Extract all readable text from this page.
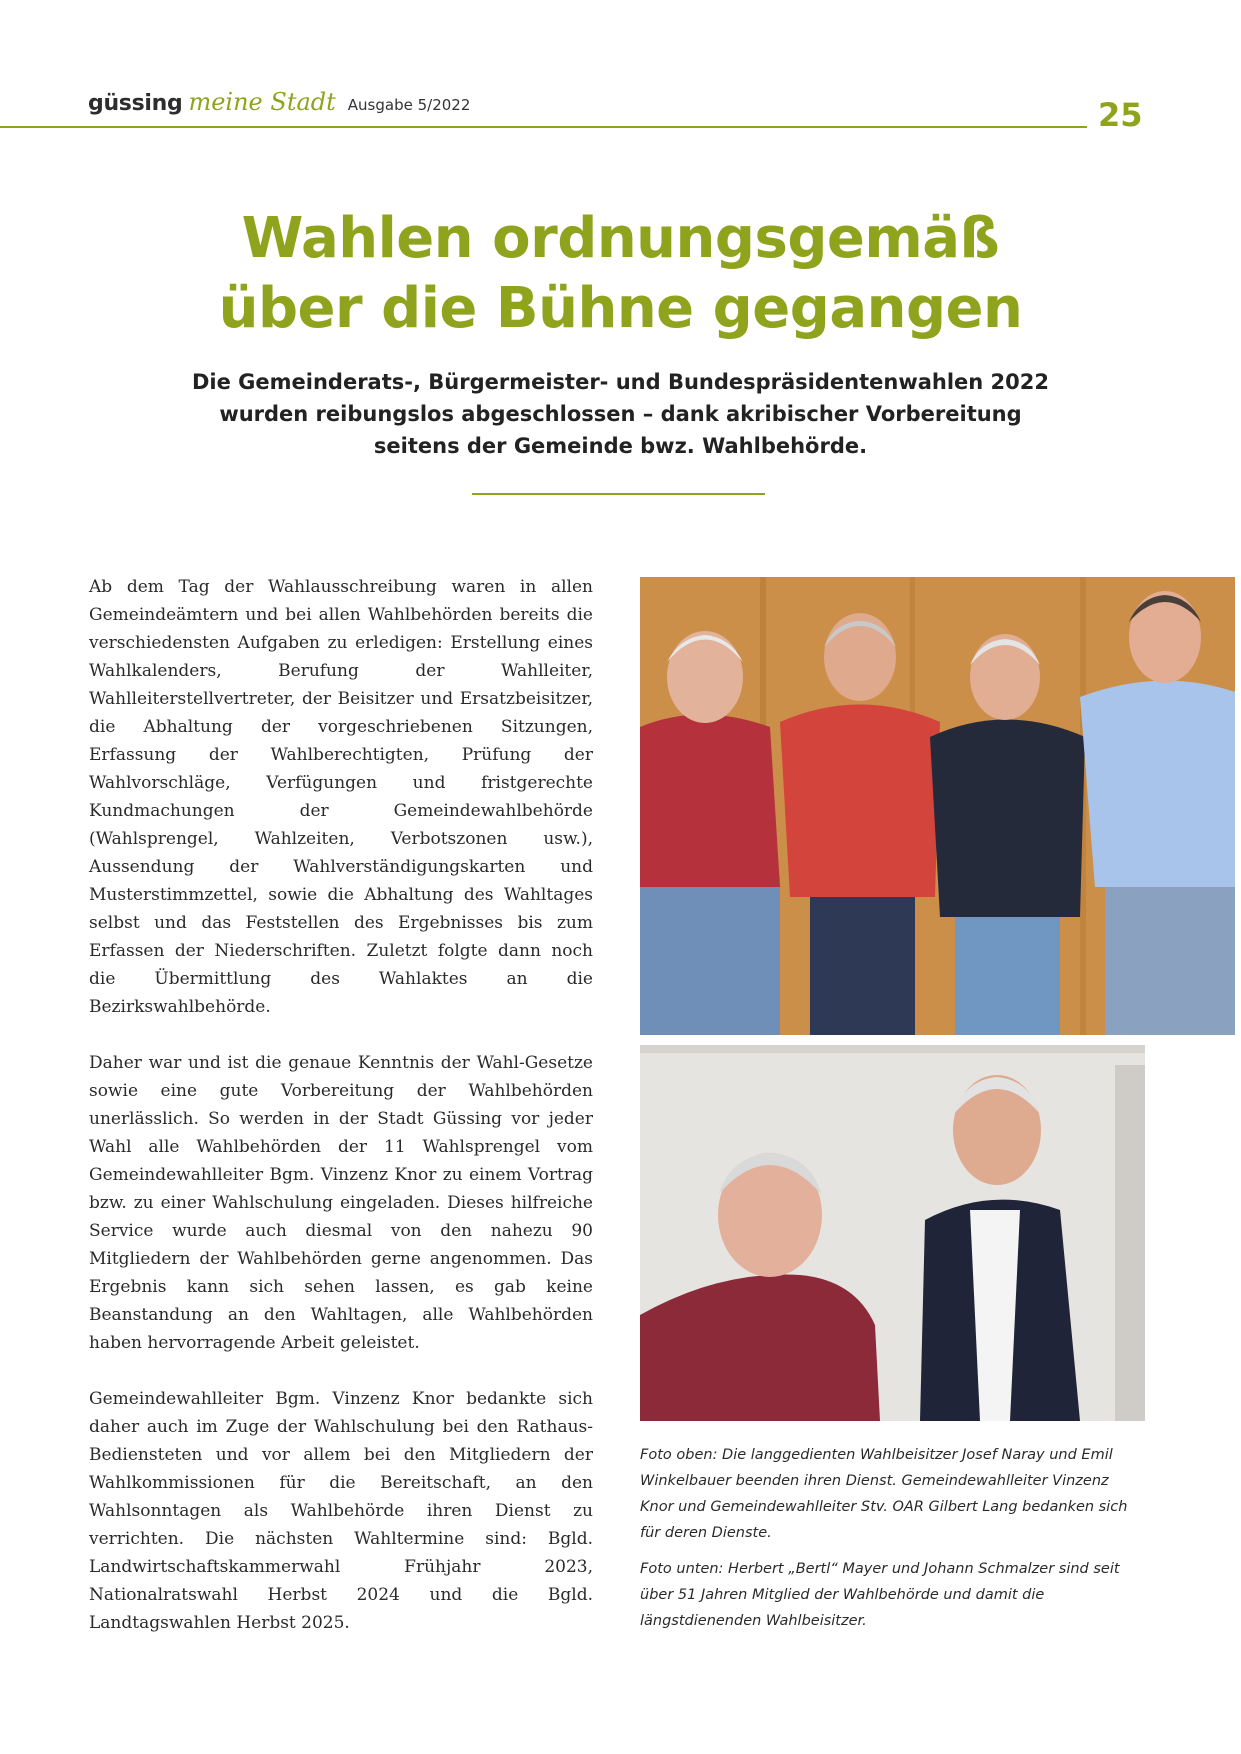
güssing meine Stadt Ausgabe 5/2022	25
Wahlen ordnungsgemäß
über die Bühne gegangen
Die Gemeinderats-, Bürgermeister- und Bundespräsidentenwahlen 2022 wurden reibungslos abgeschlossen – dank akribischer Vorbereitung seitens der Gemeinde bwz. Wahlbehörde.

Ab dem Tag der Wahlausschreibung waren in allen Gemeindeämtern und bei allen Wahlbehörden bereits die verschiedensten Aufgaben zu erledigen: Erstellung eines Wahlkalenders, Berufung der Wahlleiter, Wahlleiterstellvertreter, der Beisitzer und Ersatzbeisitzer, die Abhaltung der vorgeschriebenen Sitzungen, Erfassung der Wahlberechtigten, Prüfung der Wahlvorschläge, Verfügungen und fristgerechte Kundmachungen der Gemeindewahlbehörde (Wahlsprengel, Wahlzeiten, Verbotszonen usw.), Aussendung der Wahlverständigungskarten und Musterstimmzettel, sowie die Abhaltung des Wahltages selbst und das Feststellen des Ergebnisses bis zum Erfassen der Niederschriften. Zuletzt folgte dann noch die Übermittlung des Wahlaktes an die Bezirkswahlbehörde.

Daher war und ist die genaue Kenntnis der Wahl-Gesetze sowie eine gute Vorbereitung der Wahlbehörden unerlässlich. So werden in der Stadt Güssing vor jeder Wahl alle Wahlbehörden der 11 Wahlsprengel vom Gemeindewahlleiter Bgm. Vinzenz Knor zu einem Vortrag bzw. zu einer Wahlschulung eingeladen. Dieses hilfreiche Service wurde auch diesmal von den nahezu 90 Mitgliedern der Wahlbehörden gerne angenommen. Das Ergebnis kann sich sehen lassen, es gab keine Beanstandung an den Wahltagen, alle Wahlbehörden haben hervorragende Arbeit geleistet.

Gemeindewahlleiter Bgm. Vinzenz Knor bedankte sich daher auch im Zuge der Wahlschulung bei den Rathaus-Bediensteten und vor allem bei den Mitgliedern der Wahlkommissionen für die Bereitschaft, an den Wahlsonntagen als Wahlbehörde ihren Dienst zu verrichten. Die nächsten Wahltermine sind: Bgld. Landwirtschaftskammerwahl Frühjahr 2023, Nationalratswahl Herbst 2024 und die Bgld. Landtagswahlen Herbst 2025.

Foto oben: Die langgedienten Wahlbeisitzer Josef Naray und Emil Winkelbauer beenden ihren Dienst. Gemeindewahlleiter Vinzenz Knor und Gemeindewahlleiter Stv. OAR Gilbert Lang bedanken sich für deren Dienste.
Foto unten: Herbert „Bertl“ Mayer und Johann Schmalzer sind seit über 51 Jahren Mitglied der Wahlbehörde und damit die längstdienenden Wahlbeisitzer.
